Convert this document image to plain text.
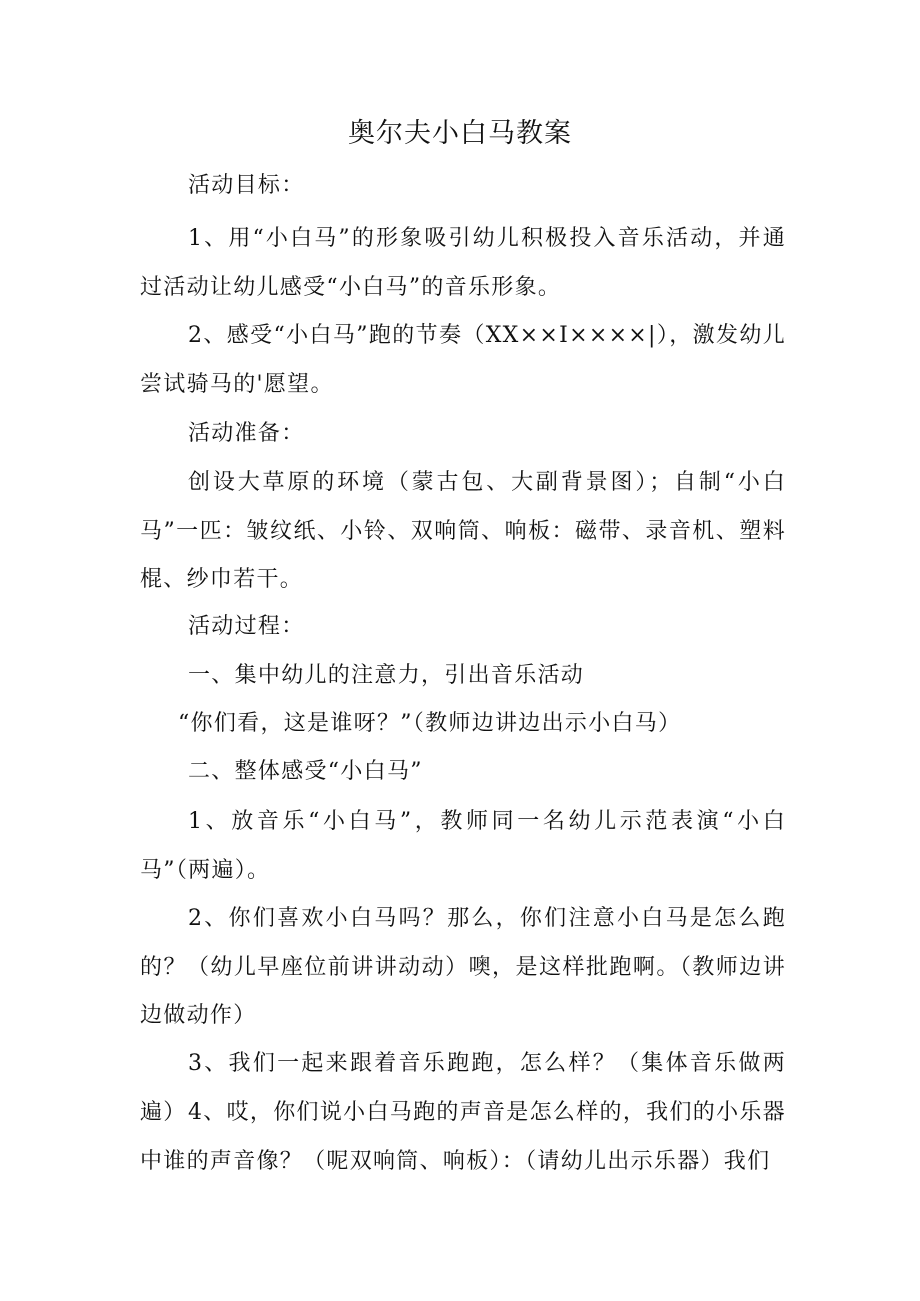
奥尔夫小白马教案
活动目标：
1、用“小白马”的形象吸引幼儿积极投入音乐活动，并通过活动让幼儿感受“小白马”的音乐形象。
2、感受“小白马”跑的节奏（XX××I××××|），激发幼儿尝试骑马的'愿望。
活动准备：
创设大草原的环境（蒙古包、大副背景图）；自制“小白马”一匹：皱纹纸、小铃、双响筒、响板：磁带、录音机、塑料棍、纱巾若干。
活动过程：
一、集中幼儿的注意力，引出音乐活动
“你们看，这是谁呀？”（教师边讲边出示小白马）
二、整体感受“小白马”
1、放音乐“小白马”，教师同一名幼儿示范表演“小白马”（两遍）。
2、你们喜欢小白马吗？那么，你们注意小白马是怎么跑的？（幼儿早座位前讲讲动动）噢，是这样批跑啊。（教师边讲边做动作）
3、我们一起来跟着音乐跑跑，怎么样？（集体音乐做两遍） 4、哎，你们说小白马跑的声音是怎么样的，我们的小乐器中谁的声音像？（呢双响筒、响板）：（请幼儿出示乐器）我们
